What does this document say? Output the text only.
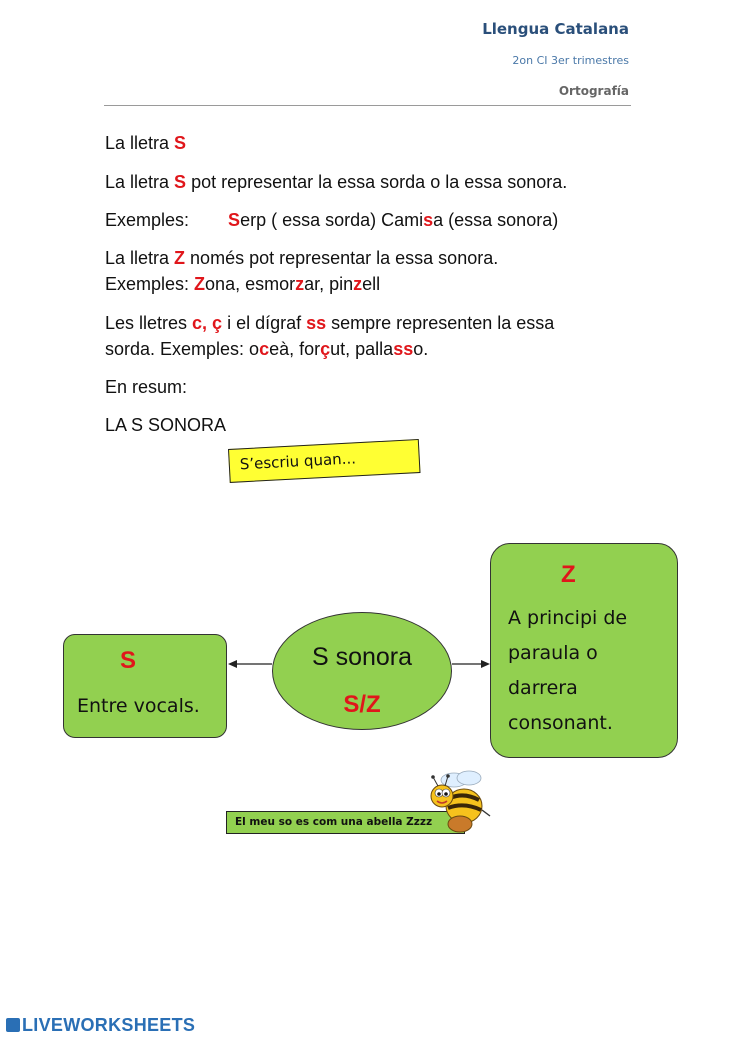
Llengua Catalana
2on CI 3er trimestres
Ortografía
La lletra S
La lletra S pot representar la essa sorda o la essa sonora.
Exemples: Serp ( essa sorda) Camisa (essa sonora)
La lletra Z només pot representar la essa sonora.
Exemples: Zona, esmorzar, pinzell
Les lletres c, ç i el dígraf ss sempre representen la essa
sorda. Exemples: oceà, forçut, pallasso.
En resum:
LA S SONORA
S’escriu quan...
S
Entre vocals.
S sonora
S/Z
Z
A principi de
paraula o
darrera
consonant.
El meu so es com una abella Zzzz
LIVEWORKSHEETS
